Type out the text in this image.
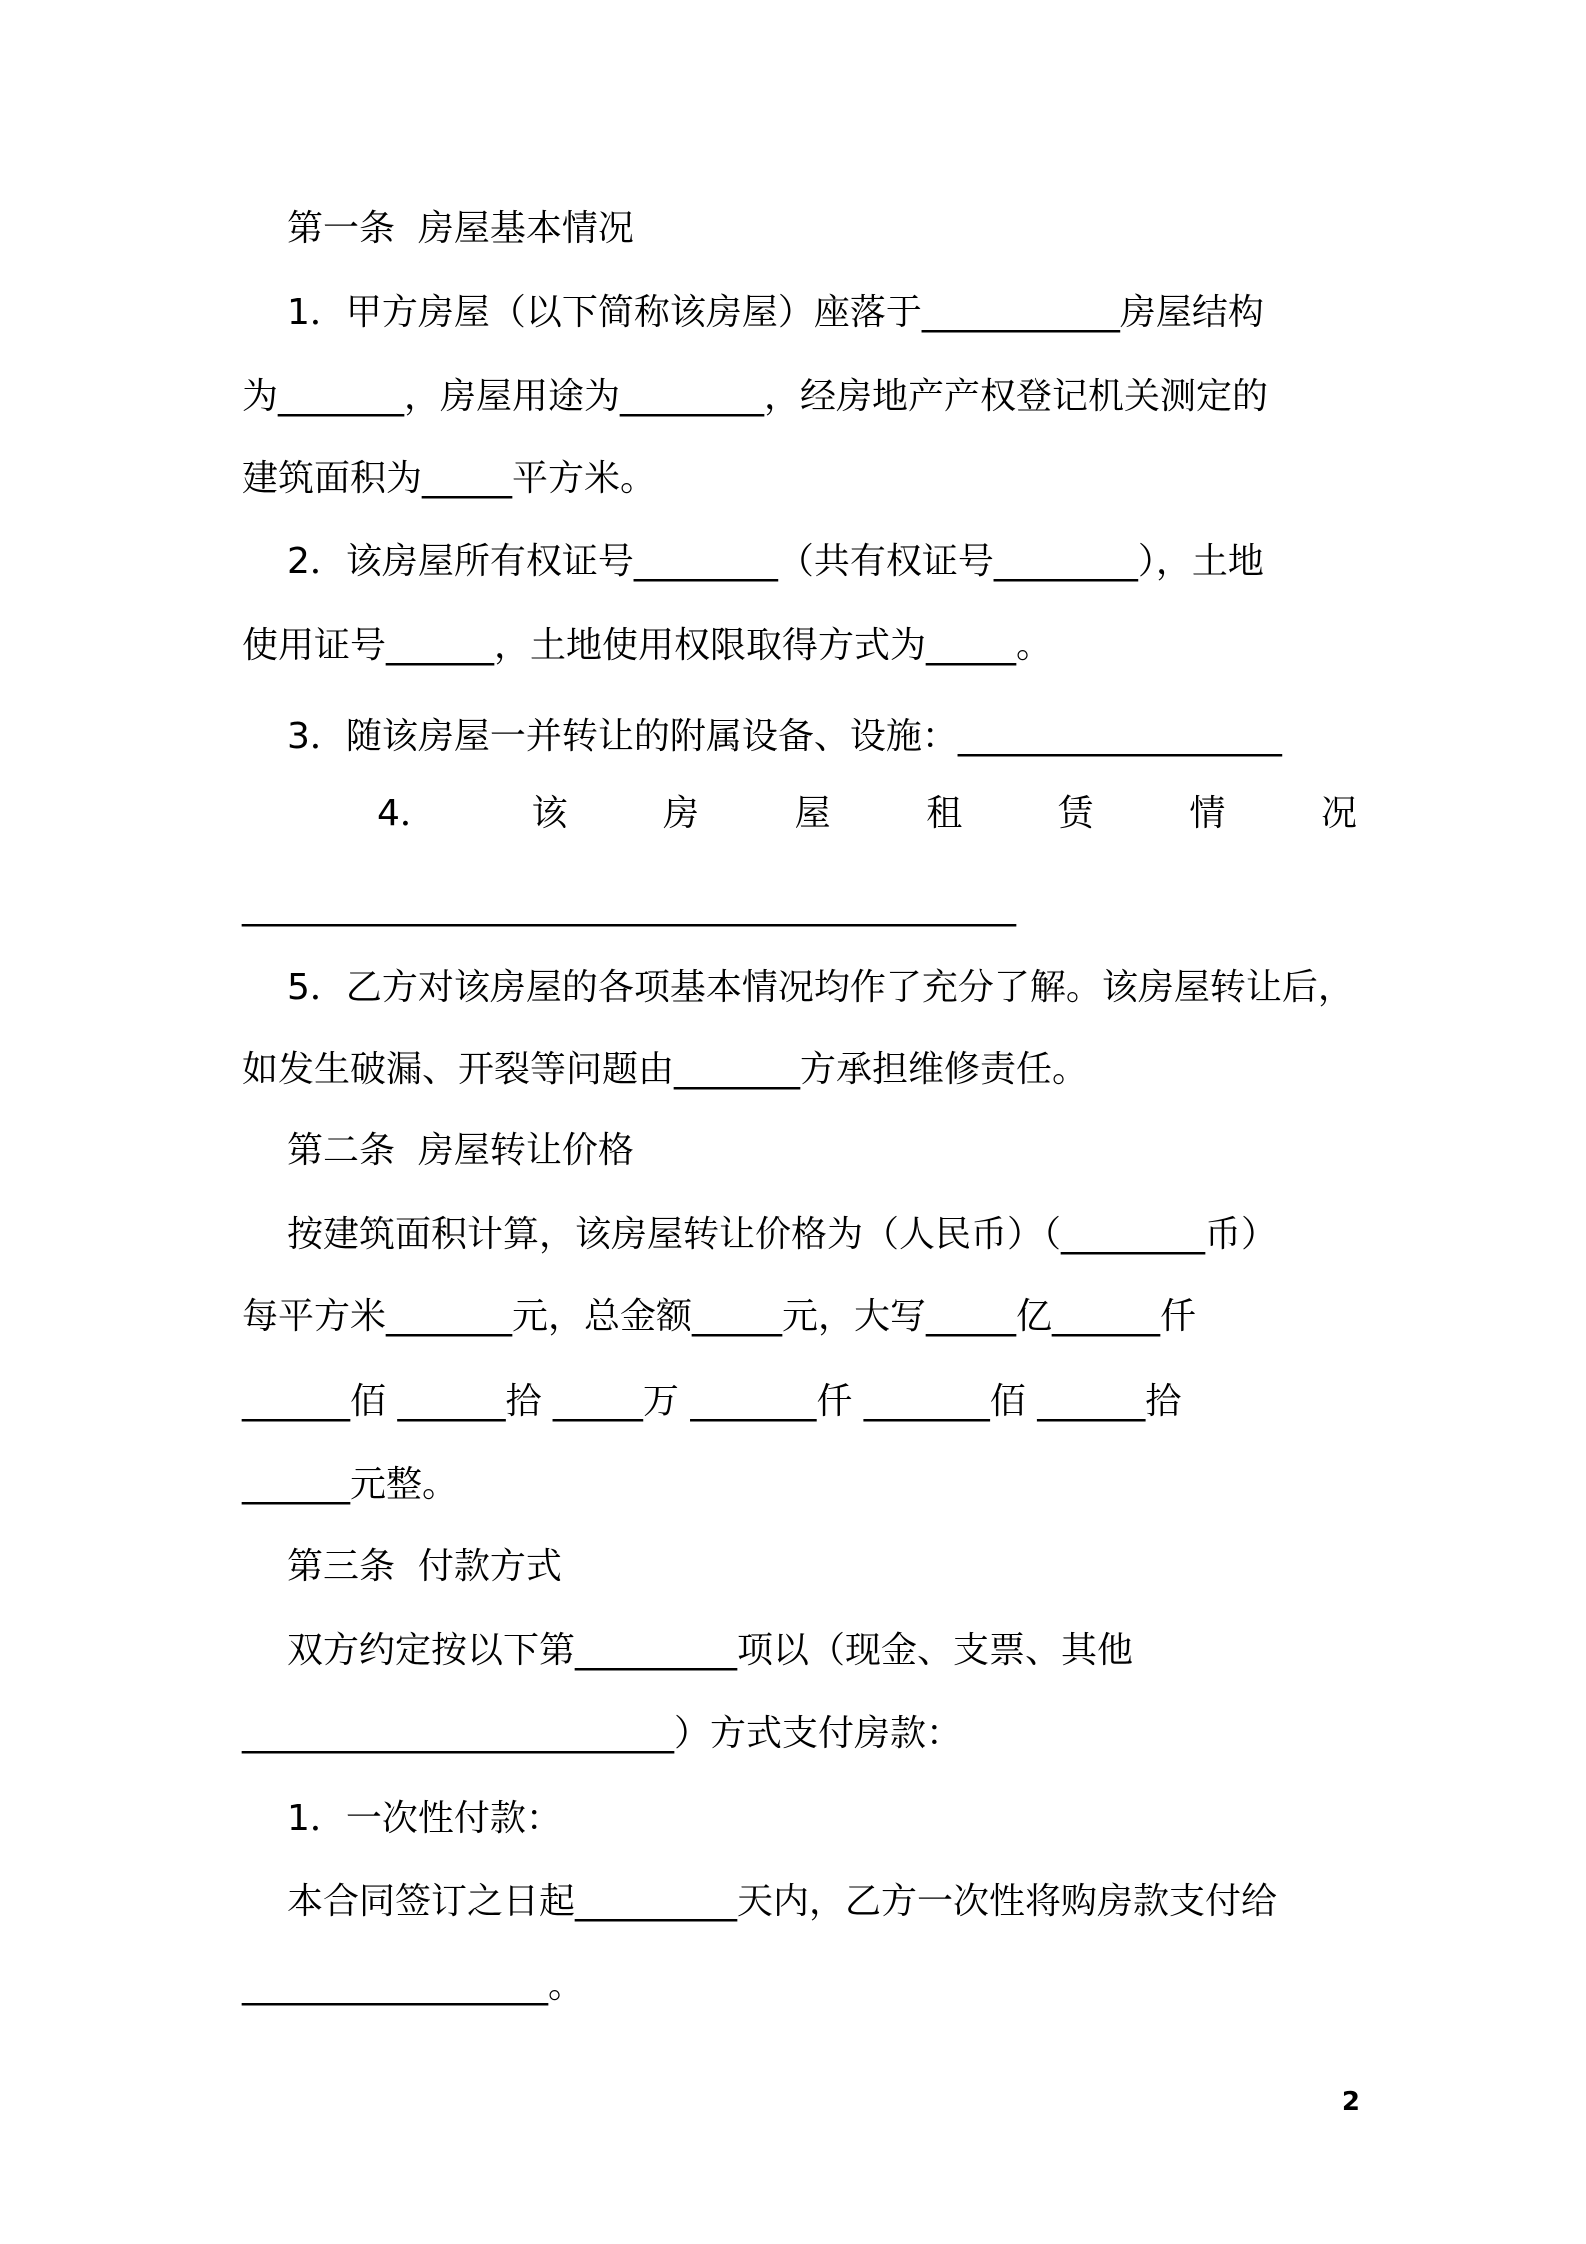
第一条  房屋基本情况
1．甲方房屋（以下简称该房屋）座落于___________房屋结构
为_______，房屋用途为________，经房地产产权登记机关测定的
建筑面积为_____平方米。
2．该房屋所有权证号________（共有权证号________），土地
使用证号______，土地使用权限取得方式为_____。
3．随该房屋一并转让的附属设备、设施：__________________
4．	该	房	屋	租	赁	情	况
___________________________________________
5．乙方对该房屋的各项基本情况均作了充分了解。该房屋转让后，
如发生破漏、开裂等问题由_______方承担维修责任。
第二条  房屋转让价格
按建筑面积计算，该房屋转让价格为（人民币）（________币）
每平方米_______元，总金额_____元，大写_____亿______仟
______佰 ______拾 _____万 _______仟 _______佰 ______拾
______元整。
第三条  付款方式
双方约定按以下第_________项以（现金、支票、其他
________________________）方式支付房款：
1．一次性付款：
本合同签订之日起_________天内，乙方一次性将购房款支付给
_________________。
2
